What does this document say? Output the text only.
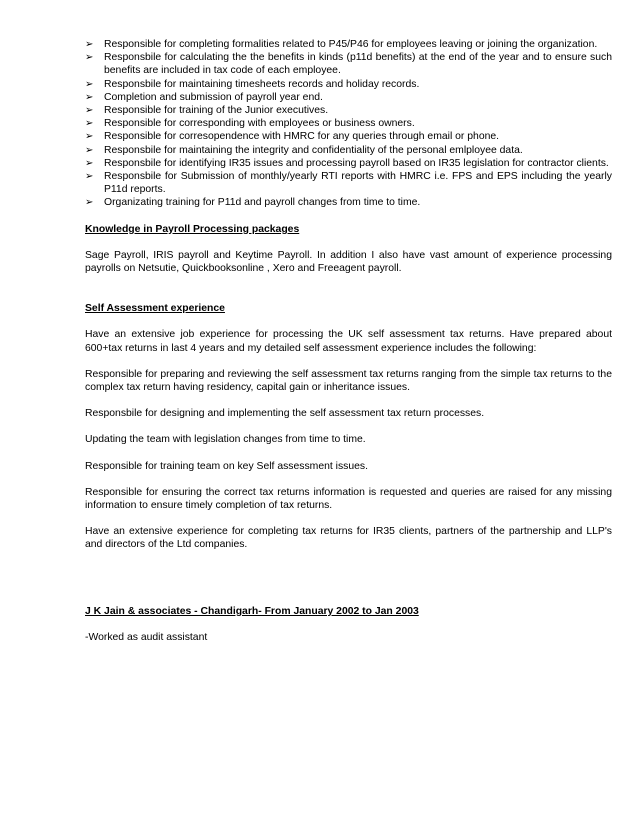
➢ Responsible for completing formalities related to P45/P46 for employees leaving or joining the organization.
➢ Responsbile for calculating the the benefits in kinds (p11d benefits) at the end of the year and to ensure such benefits are included in tax code of each employee.
➢ Responsbile for maintaining timesheets records and holiday records.
➢ Completion and submission of payroll year end.
➢ Responsible for training of the Junior executives.
➢ Responsible for corresponding with employees or business owners.
➢ Responsible for corresopendence with HMRC for any queries through email or phone.
➢ Responsbile for maintaining the integrity and confidentiality of the personal emlployee data.
➢ Responsbile for identifying IR35 issues and processing payroll based on IR35 legislation for contractor clients.
➢ Responsbile for Submission of monthly/yearly RTI reports with HMRC i.e. FPS and EPS including the yearly P11d reports.
➢ Organizating training for P11d and payroll changes from time to time.

Knowledge in Payroll Processing packages

Sage Payroll, IRIS payroll and Keytime Payroll. In addition I also have vast amount of experience processing payrolls on Netsutie, Quickbooksonline , Xero and Freeagent payroll.

Self Assessment experience

Have an extensive job experience for processing the UK self assessment tax returns. Have prepared about 600+tax returns in last 4 years and my detailed self assessment experience includes the following:

Responsible for preparing and reviewing the self assessment tax returns ranging from the simple tax returns to the complex tax return having residency, capital gain or inheritance issues.

Responsbile for designing and implementing the self assessment tax return processes.

Updating the team with legislation changes from time to time.

Responsible for training team on key Self assessment issues.

Responsible for ensuring the correct tax returns information is requested and queries are raised for any missing information to ensure timely completion of tax returns.

Have an extensive experience for completing tax returns for IR35 clients, partners of the partnership and LLP's and directors of the Ltd companies.

J K Jain & associates - Chandigarh- From January 2002 to Jan 2003

-Worked as audit assistant
